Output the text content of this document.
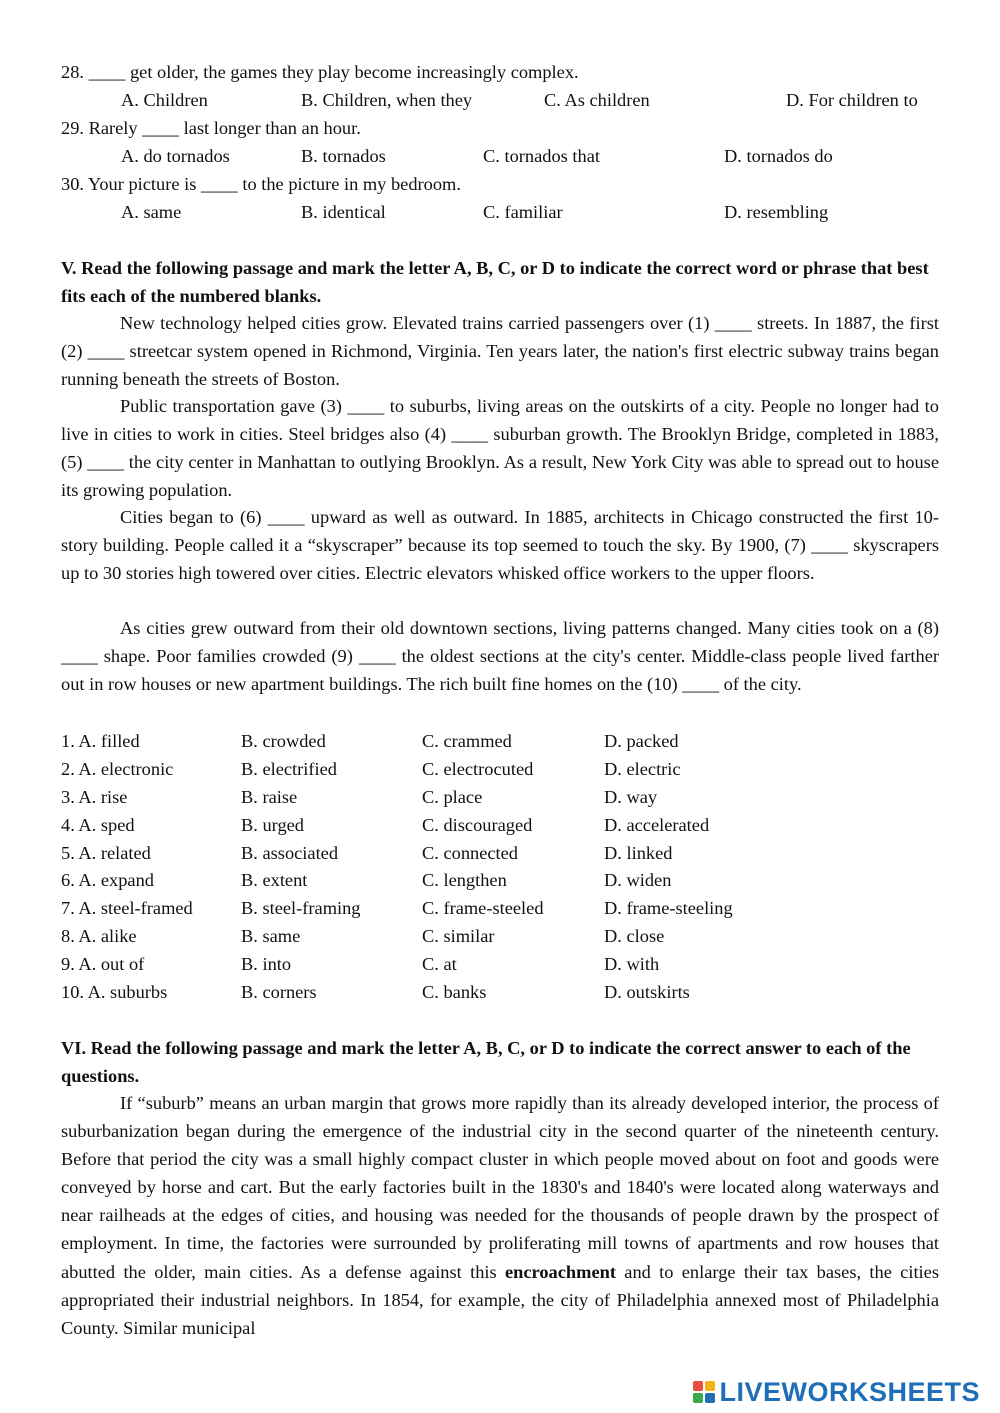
28. ____ get older, the games they play become increasingly complex.
A. Children	B. Children, when they	C. As children	D. For children to
29. Rarely ____ last longer than an hour.
A. do tornados	B. tornados	C. tornados that	D. tornados do
30. Your picture is ____ to the picture in my bedroom.
A. same	B. identical	C. familiar	D. resembling

V. Read the following passage and mark the letter A, B, C, or D to indicate the correct word or phrase that best fits each of the numbered blanks.

New technology helped cities grow. Elevated trains carried passengers over (1) ____ streets. In 1887, the first (2) ____ streetcar system opened in Richmond, Virginia. Ten years later, the nation's first electric subway trains began running beneath the streets of Boston.

Public transportation gave (3) ____ to suburbs, living areas on the outskirts of a city. People no longer had to live in cities to work in cities. Steel bridges also (4) ____ suburban growth. The Brooklyn Bridge, completed in 1883, (5) ____ the city center in Manhattan to outlying Brooklyn. As a result, New York City was able to spread out to house its growing population.

Cities began to (6) ____ upward as well as outward. In 1885, architects in Chicago constructed the first 10-story building. People called it a “skyscraper” because its top seemed to touch the sky. By 1900, (7) ____ skyscrapers up to 30 stories high towered over cities. Electric elevators whisked office workers to the upper floors.

As cities grew outward from their old downtown sections, living patterns changed. Many cities took on a (8) ____ shape. Poor families crowded (9) ____ the oldest sections at the city's center. Middle-class people lived farther out in row houses or new apartment buildings. The rich built fine homes on the (10) ____ of the city.

1. A. filled	B. crowded	C. crammed	D. packed
2. A. electronic	B. electrified	C. electrocuted	D. electric
3. A. rise	B. raise	C. place	D. way
4. A. sped	B. urged	C. discouraged	D. accelerated
5. A. related	B. associated	C. connected	D. linked
6. A. expand	B. extent	C. lengthen	D. widen
7. A. steel-framed	B. steel-framing	C. frame-steeled	D. frame-steeling
8. A. alike	B. same	C. similar	D. close
9. A. out of	B. into	C. at	D. with
10. A. suburbs	B. corners	C. banks	D. outskirts

VI. Read the following passage and mark the letter A, B, C, or D to indicate the correct answer to each of the questions.

If “suburb” means an urban margin that grows more rapidly than its already developed interior, the process of suburbanization began during the emergence of the industrial city in the second quarter of the nineteenth century. Before that period the city was a small highly compact cluster in which people moved about on foot and goods were conveyed by horse and cart. But the early factories built in the 1830's and 1840's were located along waterways and near railheads at the edges of cities, and housing was needed for the thousands of people drawn by the prospect of employment. In time, the factories were surrounded by proliferating mill towns of apartments and row houses that abutted the older, main cities. As a defense against this encroachment and to enlarge their tax bases, the cities appropriated their industrial neighbors. In 1854, for example, the city of Philadelphia annexed most of Philadelphia County. Similar municipal

LIVEWORKSHEETS
